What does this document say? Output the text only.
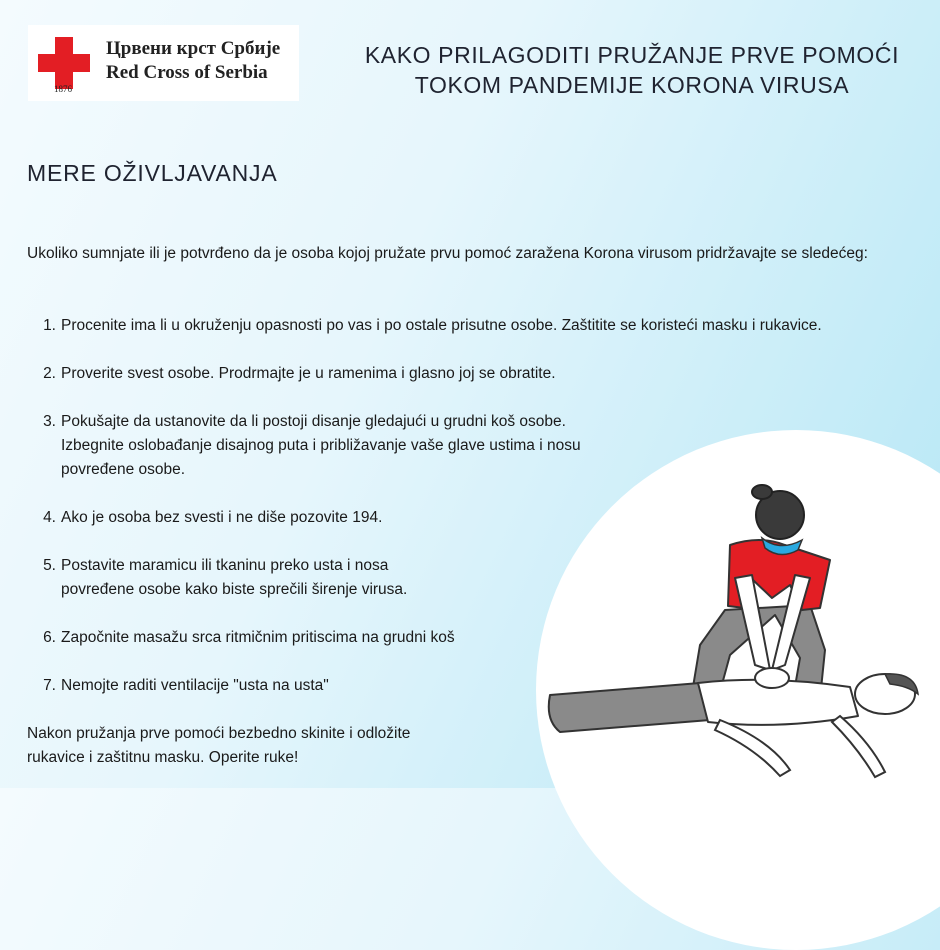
Црвени крст Србије
Red Cross of Serbia
1876
KAKO PRILAGODITI PRUŽANJE PRVE POMOĆI
TOKOM PANDEMIJE KORONA VIRUSA
MERE OŽIVLJAVANJA
Ukoliko sumnjate ili je potvrđeno da je osoba kojoj pružate prvu pomoć zaražena Korona virusom pridržavajte se sledećeg:
1. Procenite ima li u okruženju opasnosti po vas i po ostale prisutne osobe. Zaštitite se koristeći masku i rukavice.
2. Proverite svest osobe. Prodrmajte je u ramenima i glasno joj se obratite.
3. Pokušajte da ustanovite da li postoji disanje gledajući u grudni koš osobe.
Izbegnite oslobađanje disajnog puta i približavanje vaše glave ustima i nosu
povređene osobe.
4. Ako je osoba bez svesti i ne diše pozovite 194.
5. Postavite maramicu ili tkaninu preko usta i nosa
povređene osobe kako biste sprečili širenje virusa.
6. Započnite masažu srca ritmičnim pritiscima na grudni koš
7. Nemojte raditi ventilacije "usta na usta"
Nakon pružanja prve pomoći bezbedno skinite i odložite
rukavice i zaštitnu masku. Operite ruke!
